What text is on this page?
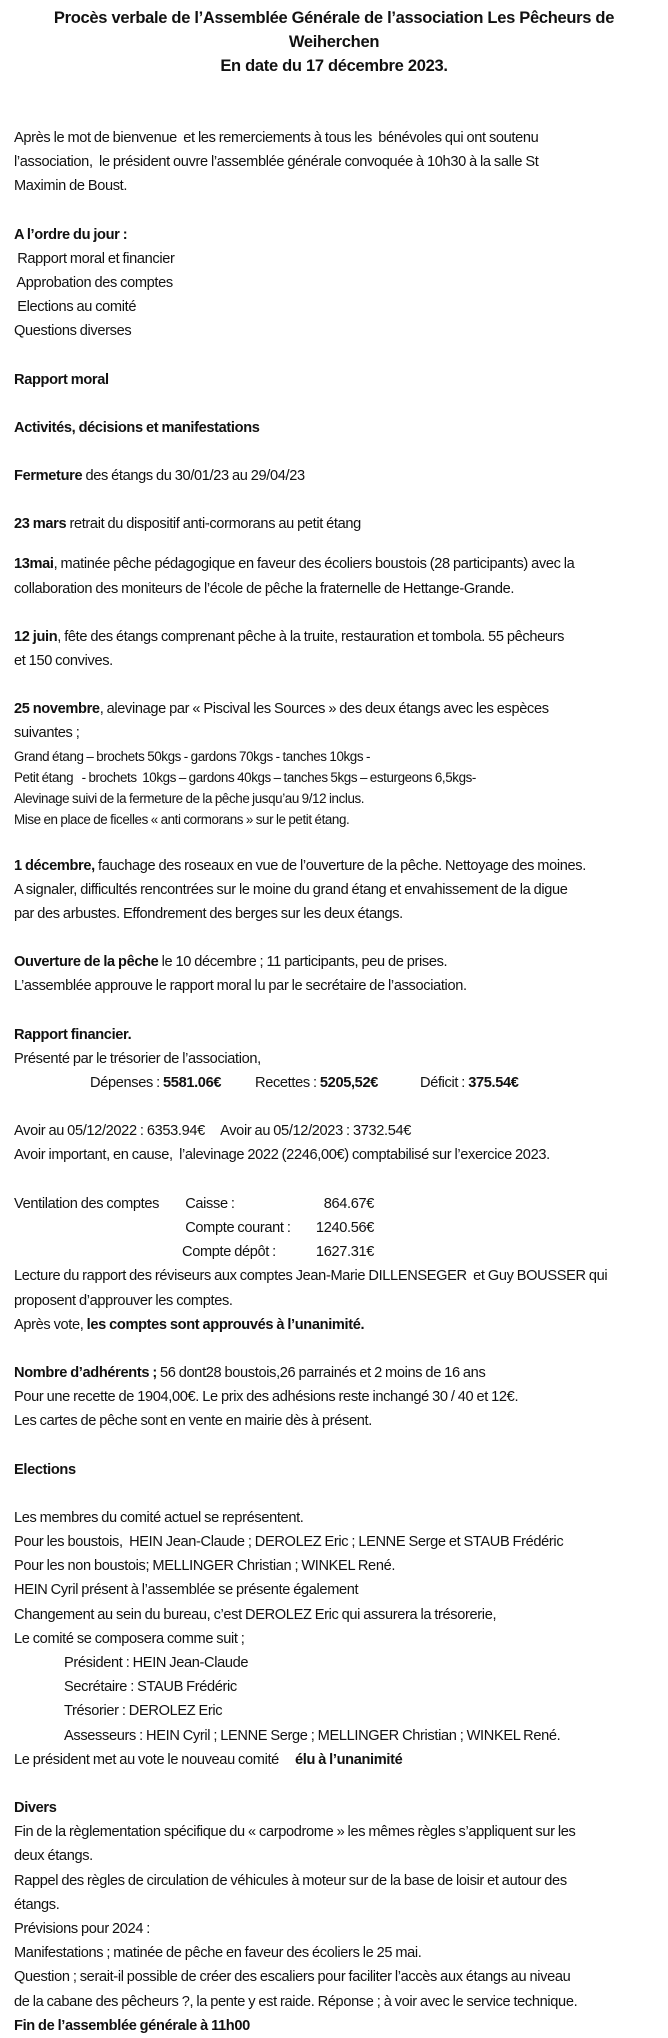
Procès verbale de l’Assemblée Générale de l’association Les Pêcheurs de
Weiherchen
En date du 17 décembre 2023.
Après le mot de bienvenue  et les remerciements à tous les  bénévoles qui ont soutenu
l’association,  le président ouvre l’assemblée générale convoquée à 10h30 à la salle St
Maximin de Boust.
A l’ordre du jour :
Rapport moral et financier
Approbation des comptes
Elections au comité
Questions diverses
Rapport moral
Activités, décisions et manifestations
Fermeture des étangs du 30/01/23 au 29/04/23
23 mars retrait du dispositif anti-cormorans au petit étang
13mai, matinée pêche pédagogique en faveur des écoliers boustois (28 participants) avec la
collaboration des moniteurs de l’école de pêche la fraternelle de Hettange-Grande.
12 juin, fête des étangs comprenant pêche à la truite, restauration et tombola. 55 pêcheurs
et 150 convives.
25 novembre, alevinage par « Piscival les Sources » des deux étangs avec les espèces
suivantes ;
Grand étang – brochets 50kgs - gardons 70kgs - tanches 10kgs -
Petit étang   - brochets  10kgs – gardons 40kgs – tanches 5kgs – esturgeons 6,5kgs-
Alevinage suivi de la fermeture de la pêche jusqu’au 9/12 inclus.
Mise en place de ficelles « anti cormorans » sur le petit étang.
1 décembre, fauchage des roseaux en vue de l’ouverture de la pêche. Nettoyage des moines.
A signaler, difficultés rencontrées sur le moine du grand étang et envahissement de la digue
par des arbustes. Effondrement des berges sur les deux étangs.
Ouverture de la pêche le 10 décembre ; 11 participants, peu de prises.
L’assemblée approuve le rapport moral lu par le secrétaire de l’association.
Rapport financier.
Présenté par le trésorier de l’association,
Dépenses : 5581.06€	Recettes : 5205,52€	Déficit : 375.54€
Avoir au 05/12/2022 : 6353.94€     Avoir au 05/12/2023 : 3732.54€
Avoir important, en cause,  l’alevinage 2022 (2246,00€) comptabilisé sur l’exercice 2023.
Ventilation des comptes	Caisse :	864.67€
Compte courant :	1240.56€
Compte dépôt :	1627.31€
Lecture du rapport des réviseurs aux comptes Jean-Marie DILLENSEGER  et Guy BOUSSER qui
proposent d’approuver les comptes.
Après vote, les comptes sont approuvés à l’unanimité.
Nombre d’adhérents ; 56 dont28 boustois,26 parrainés et 2 moins de 16 ans
Pour une recette de 1904,00€. Le prix des adhésions reste inchangé 30 / 40 et 12€.
Les cartes de pêche sont en vente en mairie dès à présent.
Elections
Les membres du comité actuel se représentent.
Pour les boustois,  HEIN Jean-Claude ; DEROLEZ Eric ; LENNE Serge et STAUB Frédéric
Pour les non boustois; MELLINGER Christian ; WINKEL René.
HEIN Cyril présent à l’assemblée se présente également
Changement au sein du bureau, c’est DEROLEZ Eric qui assurera la trésorerie,
Le comité se composera comme suit ;
Président : HEIN Jean-Claude
Secrétaire : STAUB Frédéric
Trésorier : DEROLEZ Eric
Assesseurs : HEIN Cyril ; LENNE Serge ; MELLINGER Christian ; WINKEL René.
Le président met au vote le nouveau comité     élu à l’unanimité
Divers
Fin de la règlementation spécifique du « carpodrome » les mêmes règles s’appliquent sur les
deux étangs.
Rappel des règles de circulation de véhicules à moteur sur de la base de loisir et autour des
étangs.
Prévisions pour 2024 :
Manifestations ; matinée de pêche en faveur des écoliers le 25 mai.
Question ; serait-il possible de créer des escaliers pour faciliter l’accès aux étangs au niveau
de la cabane des pêcheurs ?, la pente y est raide. Réponse ; à voir avec le service technique.
Fin de l’assemblée générale à 11h00
